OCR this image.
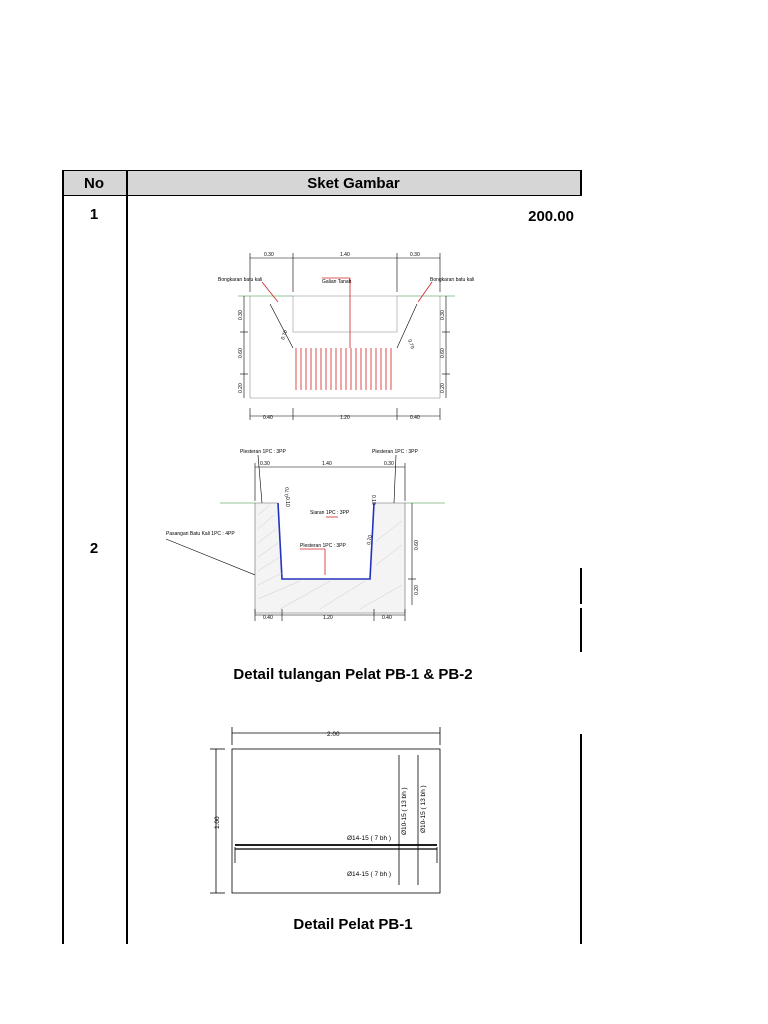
No	Sket Gambar
1
2
200.00
0.30	1.40	0.30
0.40	1.20	0.40
Bongkaran batu kali	Galian Tanah	Bongkaran batu kali
0.30
0.60
0.20
0.30
0.60
0.20
0.70
0.70
0.30	1.40	0.30
0.40	1.20	0.40
Plesteran 1PC : 3PP	Plesteran 1PC : 3PP
Plesteran 1PC : 3PP
Siaran 1PC : 3PP
Pasangan Batu Kali 1PC : 4PP
0.70
0.70
0.10	0.10
0.60
0.20
Detail tulangan Pelat PB-1 & PB-2
2.00
1.00
Ø14-15 ( 7 bh )
Ø14-15 ( 7 bh )
Ø10-15 ( 13 bh ) Ø10-15 ( 13 bh )
Detail Pelat PB-1
